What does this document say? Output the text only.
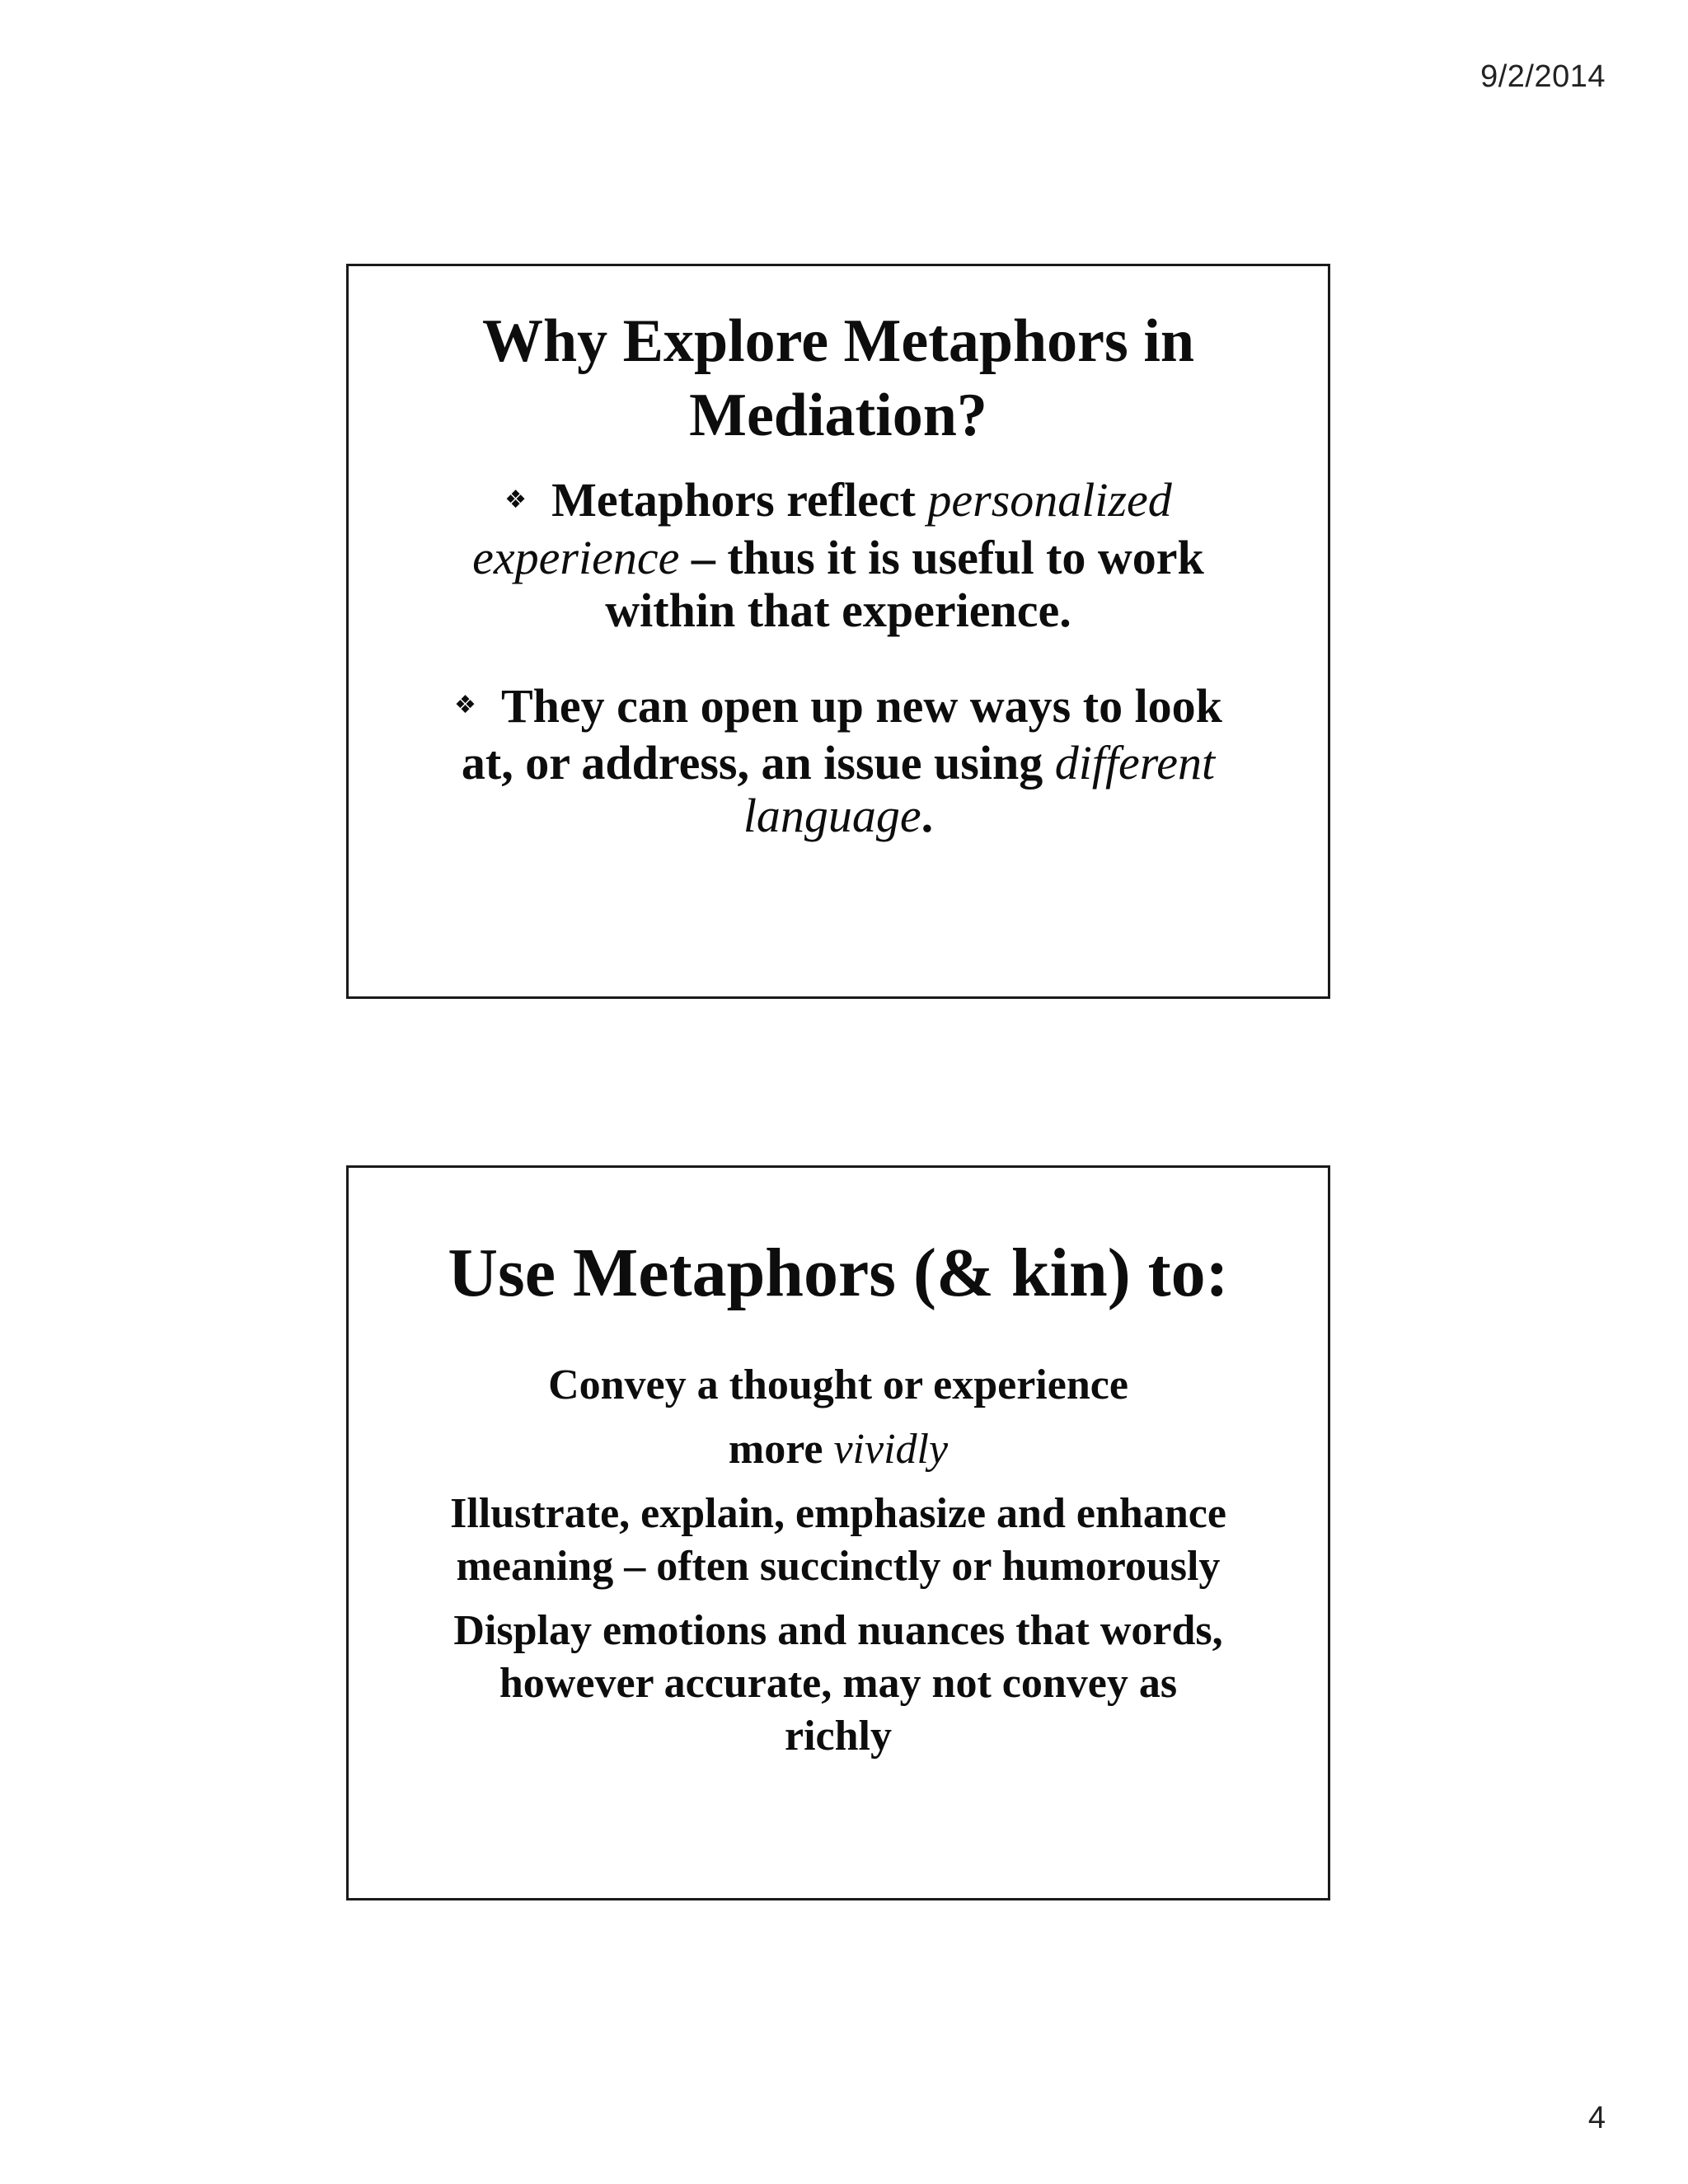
9/2/2014
Why Explore Metaphors in
Mediation?
❖ Metaphors reflect personalized experience – thus it is useful to work within that experience.
❖ They can open up new ways to look at, or address, an issue using different language.
Use Metaphors (& kin) to:

Convey a thought or experience
more vividly

Illustrate, explain, emphasize and enhance meaning – often succinctly or humorously

Display emotions and nuances that words, however accurate, may not convey as richly

4
